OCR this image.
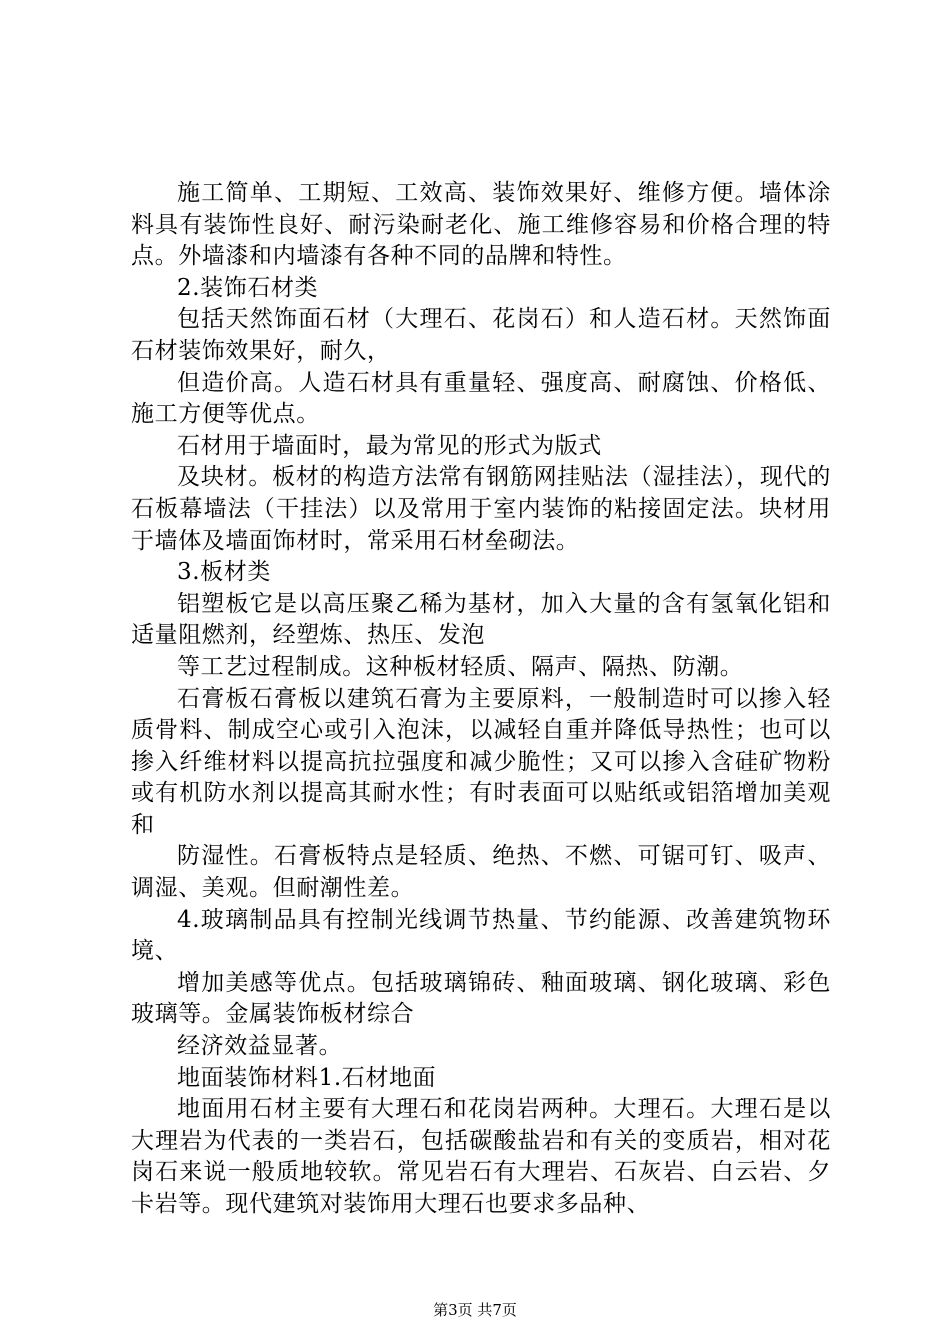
施工简单、工期短、工效高、装饰效果好、维修方便。墙体涂料具有装饰性良好、耐污染耐老化、施工维修容易和价格合理的特点。外墙漆和内墙漆有各种不同的品牌和特性。

2.装饰石材类

包括天然饰面石材（大理石、花岗石）和人造石材。天然饰面石材装饰效果好，耐久，

但造价高。人造石材具有重量轻、强度高、耐腐蚀、价格低、施工方便等优点。

石材用于墙面时，最为常见的形式为版式

及块材。板材的构造方法常有钢筋网挂贴法（湿挂法），现代的石板幕墙法（干挂法）以及常用于室内装饰的粘接固定法。块材用于墙体及墙面饰材时，常采用石材垒砌法。

3.板材类

铝塑板它是以高压聚乙稀为基材，加入大量的含有氢氧化铝和适量阻燃剂，经塑炼、热压、发泡

等工艺过程制成。这种板材轻质、隔声、隔热、防潮。

石膏板石膏板以建筑石膏为主要原料，一般制造时可以掺入轻质骨料、制成空心或引入泡沫，以减轻自重并降低导热性；也可以掺入纤维材料以提高抗拉强度和减少脆性；又可以掺入含硅矿物粉或有机防水剂以提高其耐水性；有时表面可以贴纸或铝箔增加美观和

防湿性。石膏板特点是轻质、绝热、不燃、可锯可钉、吸声、调湿、美观。但耐潮性差。

4.玻璃制品具有控制光线调节热量、节约能源、改善建筑物环境、

增加美感等优点。包括玻璃锦砖、釉面玻璃、钢化玻璃、彩色玻璃等。金属装饰板材综合

经济效益显著。

地面装饰材料1.石材地面

地面用石材主要有大理石和花岗岩两种。大理石。大理石是以大理岩为代表的一类岩石，包括碳酸盐岩和有关的变质岩，相对花岗石来说一般质地较软。常见岩石有大理岩、石灰岩、白云岩、夕卡岩等。现代建筑对装饰用大理石也要求多品种、

第3页 共7页
